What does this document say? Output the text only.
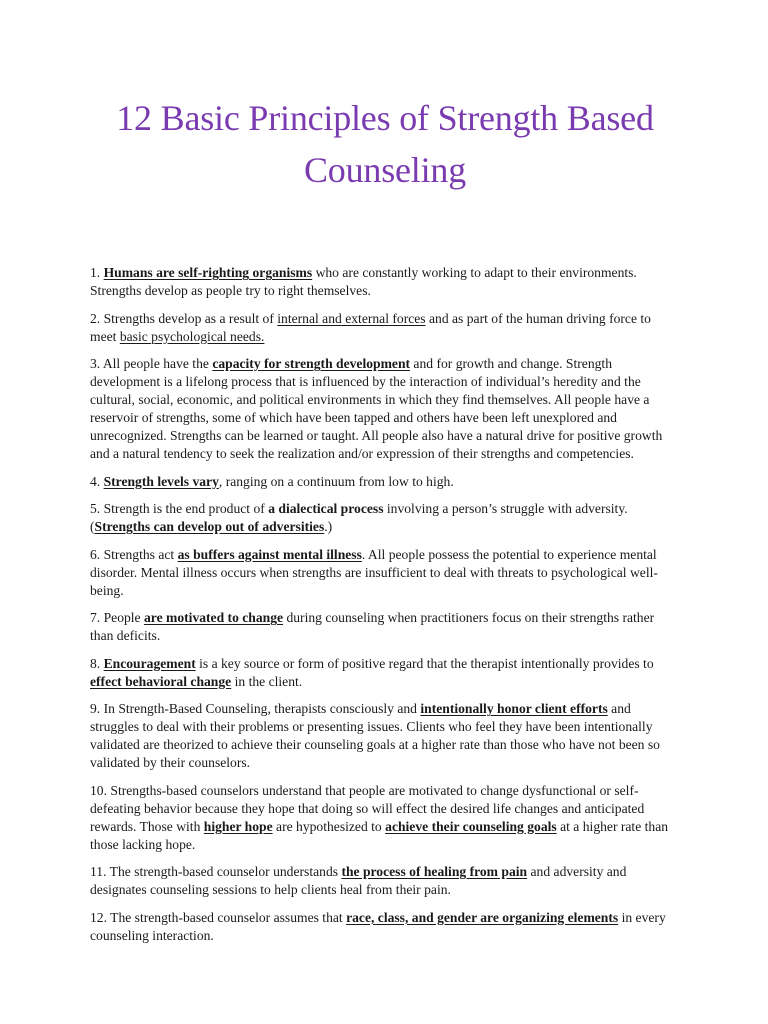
12 Basic Principles of Strength Based
Counseling

1. Humans are self-righting organisms who are constantly working to adapt to their environments. Strengths develop as people try to right themselves.

2. Strengths develop as a result of internal and external forces and as part of the human driving force to meet basic psychological needs.

3. All people have the capacity for strength development and for growth and change. Strength development is a lifelong process that is influenced by the interaction of individual’s heredity and the cultural, social, economic, and political environments in which they find themselves. All people have a reservoir of strengths, some of which have been tapped and others have been left unexplored and unrecognized. Strengths can be learned or taught. All people also have a natural drive for positive growth and a natural tendency to seek the realization and/or expression of their strengths and competencies.

4. Strength levels vary, ranging on a continuum from low to high.

5. Strength is the end product of a dialectical process involving a person’s struggle with adversity. (Strengths can develop out of adversities.)

6. Strengths act as buffers against mental illness. All people possess the potential to experience mental disorder. Mental illness occurs when strengths are insufficient to deal with threats to psychological well-being.

7. People are motivated to change during counseling when practitioners focus on their strengths rather than deficits.

8. Encouragement is a key source or form of positive regard that the therapist intentionally provides to effect behavioral change in the client.

9. In Strength-Based Counseling, therapists consciously and intentionally honor client efforts and struggles to deal with their problems or presenting issues. Clients who feel they have been intentionally validated are theorized to achieve their counseling goals at a higher rate than those who have not been so validated by their counselors.

10. Strengths-based counselors understand that people are motivated to change dysfunctional or self-defeating behavior because they hope that doing so will effect the desired life changes and anticipated rewards. Those with higher hope are hypothesized to achieve their counseling goals at a higher rate than those lacking hope.

11. The strength-based counselor understands the process of healing from pain and adversity and designates counseling sessions to help clients heal from their pain.

12. The strength-based counselor assumes that race, class, and gender are organizing elements in every counseling interaction.
